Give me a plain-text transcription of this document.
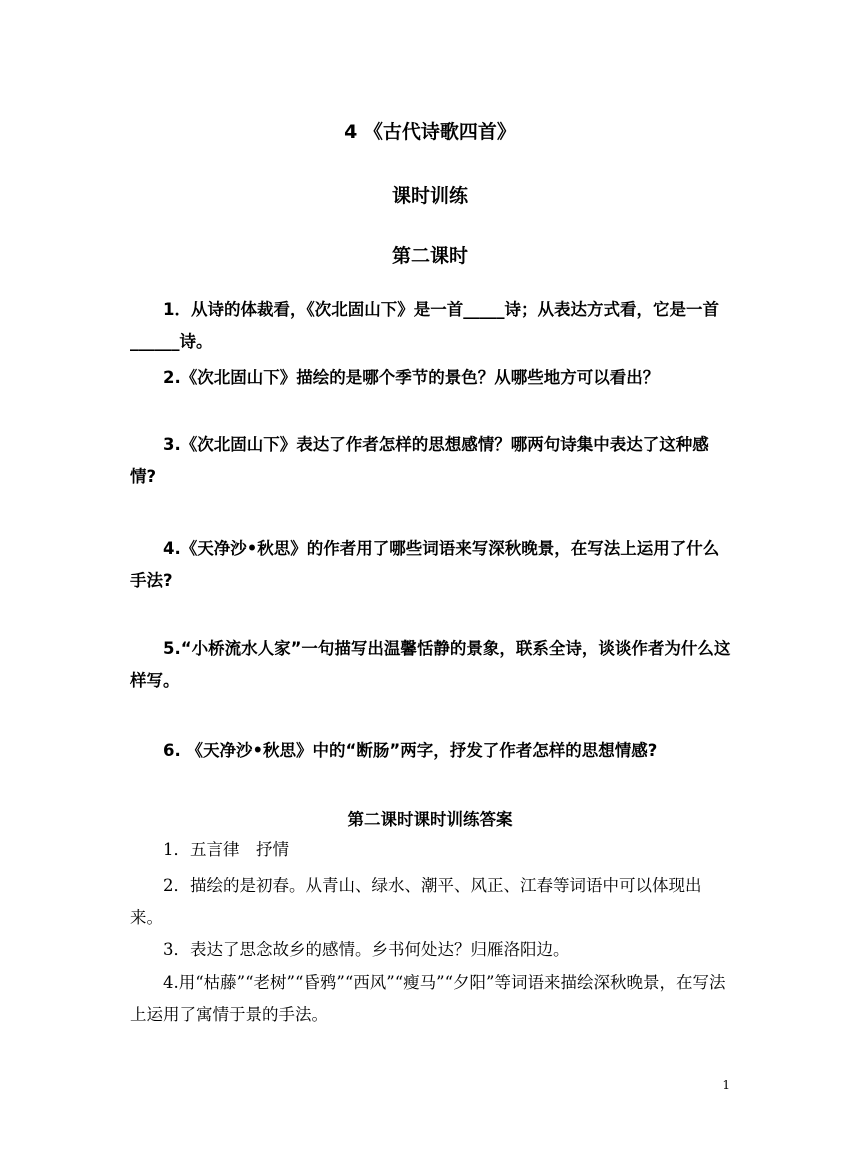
4 《古代诗歌四首》
课时训练
第二课时
1．从诗的体裁看，《次北固山下》是一首_____诗；从表达方式看，它是一首______诗。
2.《次北固山下》描绘的是哪个季节的景色？从哪些地方可以看出？
3.《次北固山下》表达了作者怎样的思想感情？哪两句诗集中表达了这种感情?
4.《天净沙•秋思》的作者用了哪些词语来写深秋晚景，在写法上运用了什么手法?
5.“小桥流水人家”一句描写出温馨恬静的景象，联系全诗，谈谈作者为什么这样写。
6. 《天净沙•秋思》中的“断肠”两字，抒发了作者怎样的思想情感?
第二课时课时训练答案
1．五言律　抒情
2．描绘的是初春。从青山、绿水、潮平、风正、江春等词语中可以体现出来。
3．表达了思念故乡的感情。乡书何处达？归雁洛阳边。
4.用“枯藤”“老树”“昏鸦”“西风”“瘦马”“夕阳”等词语来描绘深秋晚景，在写法上运用了寓情于景的手法。
1
